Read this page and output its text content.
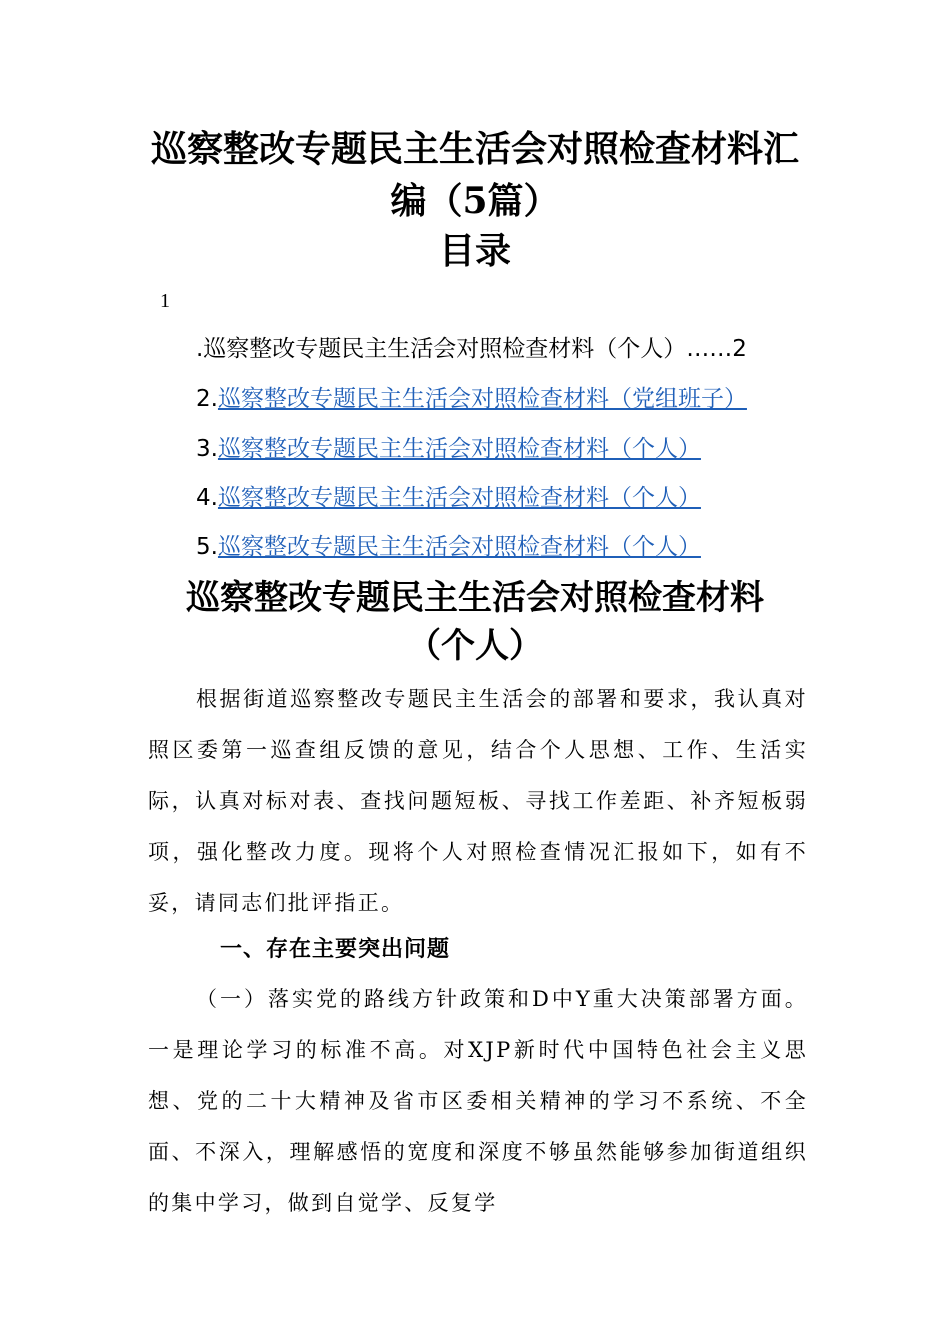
巡察整改专题民主生活会对照检查材料汇
编（5篇）
目录
1
.巡察整改专题民主生活会对照检查材料（个人）……2
2.巡察整改专题民主生活会对照检查材料（党组班子）
3.巡察整改专题民主生活会对照检查材料（个人）
4.巡察整改专题民主生活会对照检查材料（个人）
5.巡察整改专题民主生活会对照检查材料（个人）
巡察整改专题民主生活会对照检查材料
（个人）

根据街道巡察整改专题民主生活会的部署和要求，我认真对照区委第一巡查组反馈的意见，结合个人思想、工作、生活实际，认真对标对表、查找问题短板、寻找工作差距、补齐短板弱项，强化整改力度。现将个人对照检查情况汇报如下，如有不妥，请同志们批评指正。

一、存在主要突出问题

（一）落实党的路线方针政策和D中Y重大决策部署方面。一是理论学习的标准不高。对XJP新时代中国特色社会主义思想、党的二十大精神及省市区委相关精神的学习不系统、不全面、不深入，理解感悟的宽度和深度不够虽然能够参加街道组织的集中学习，做到自觉学、反复学
